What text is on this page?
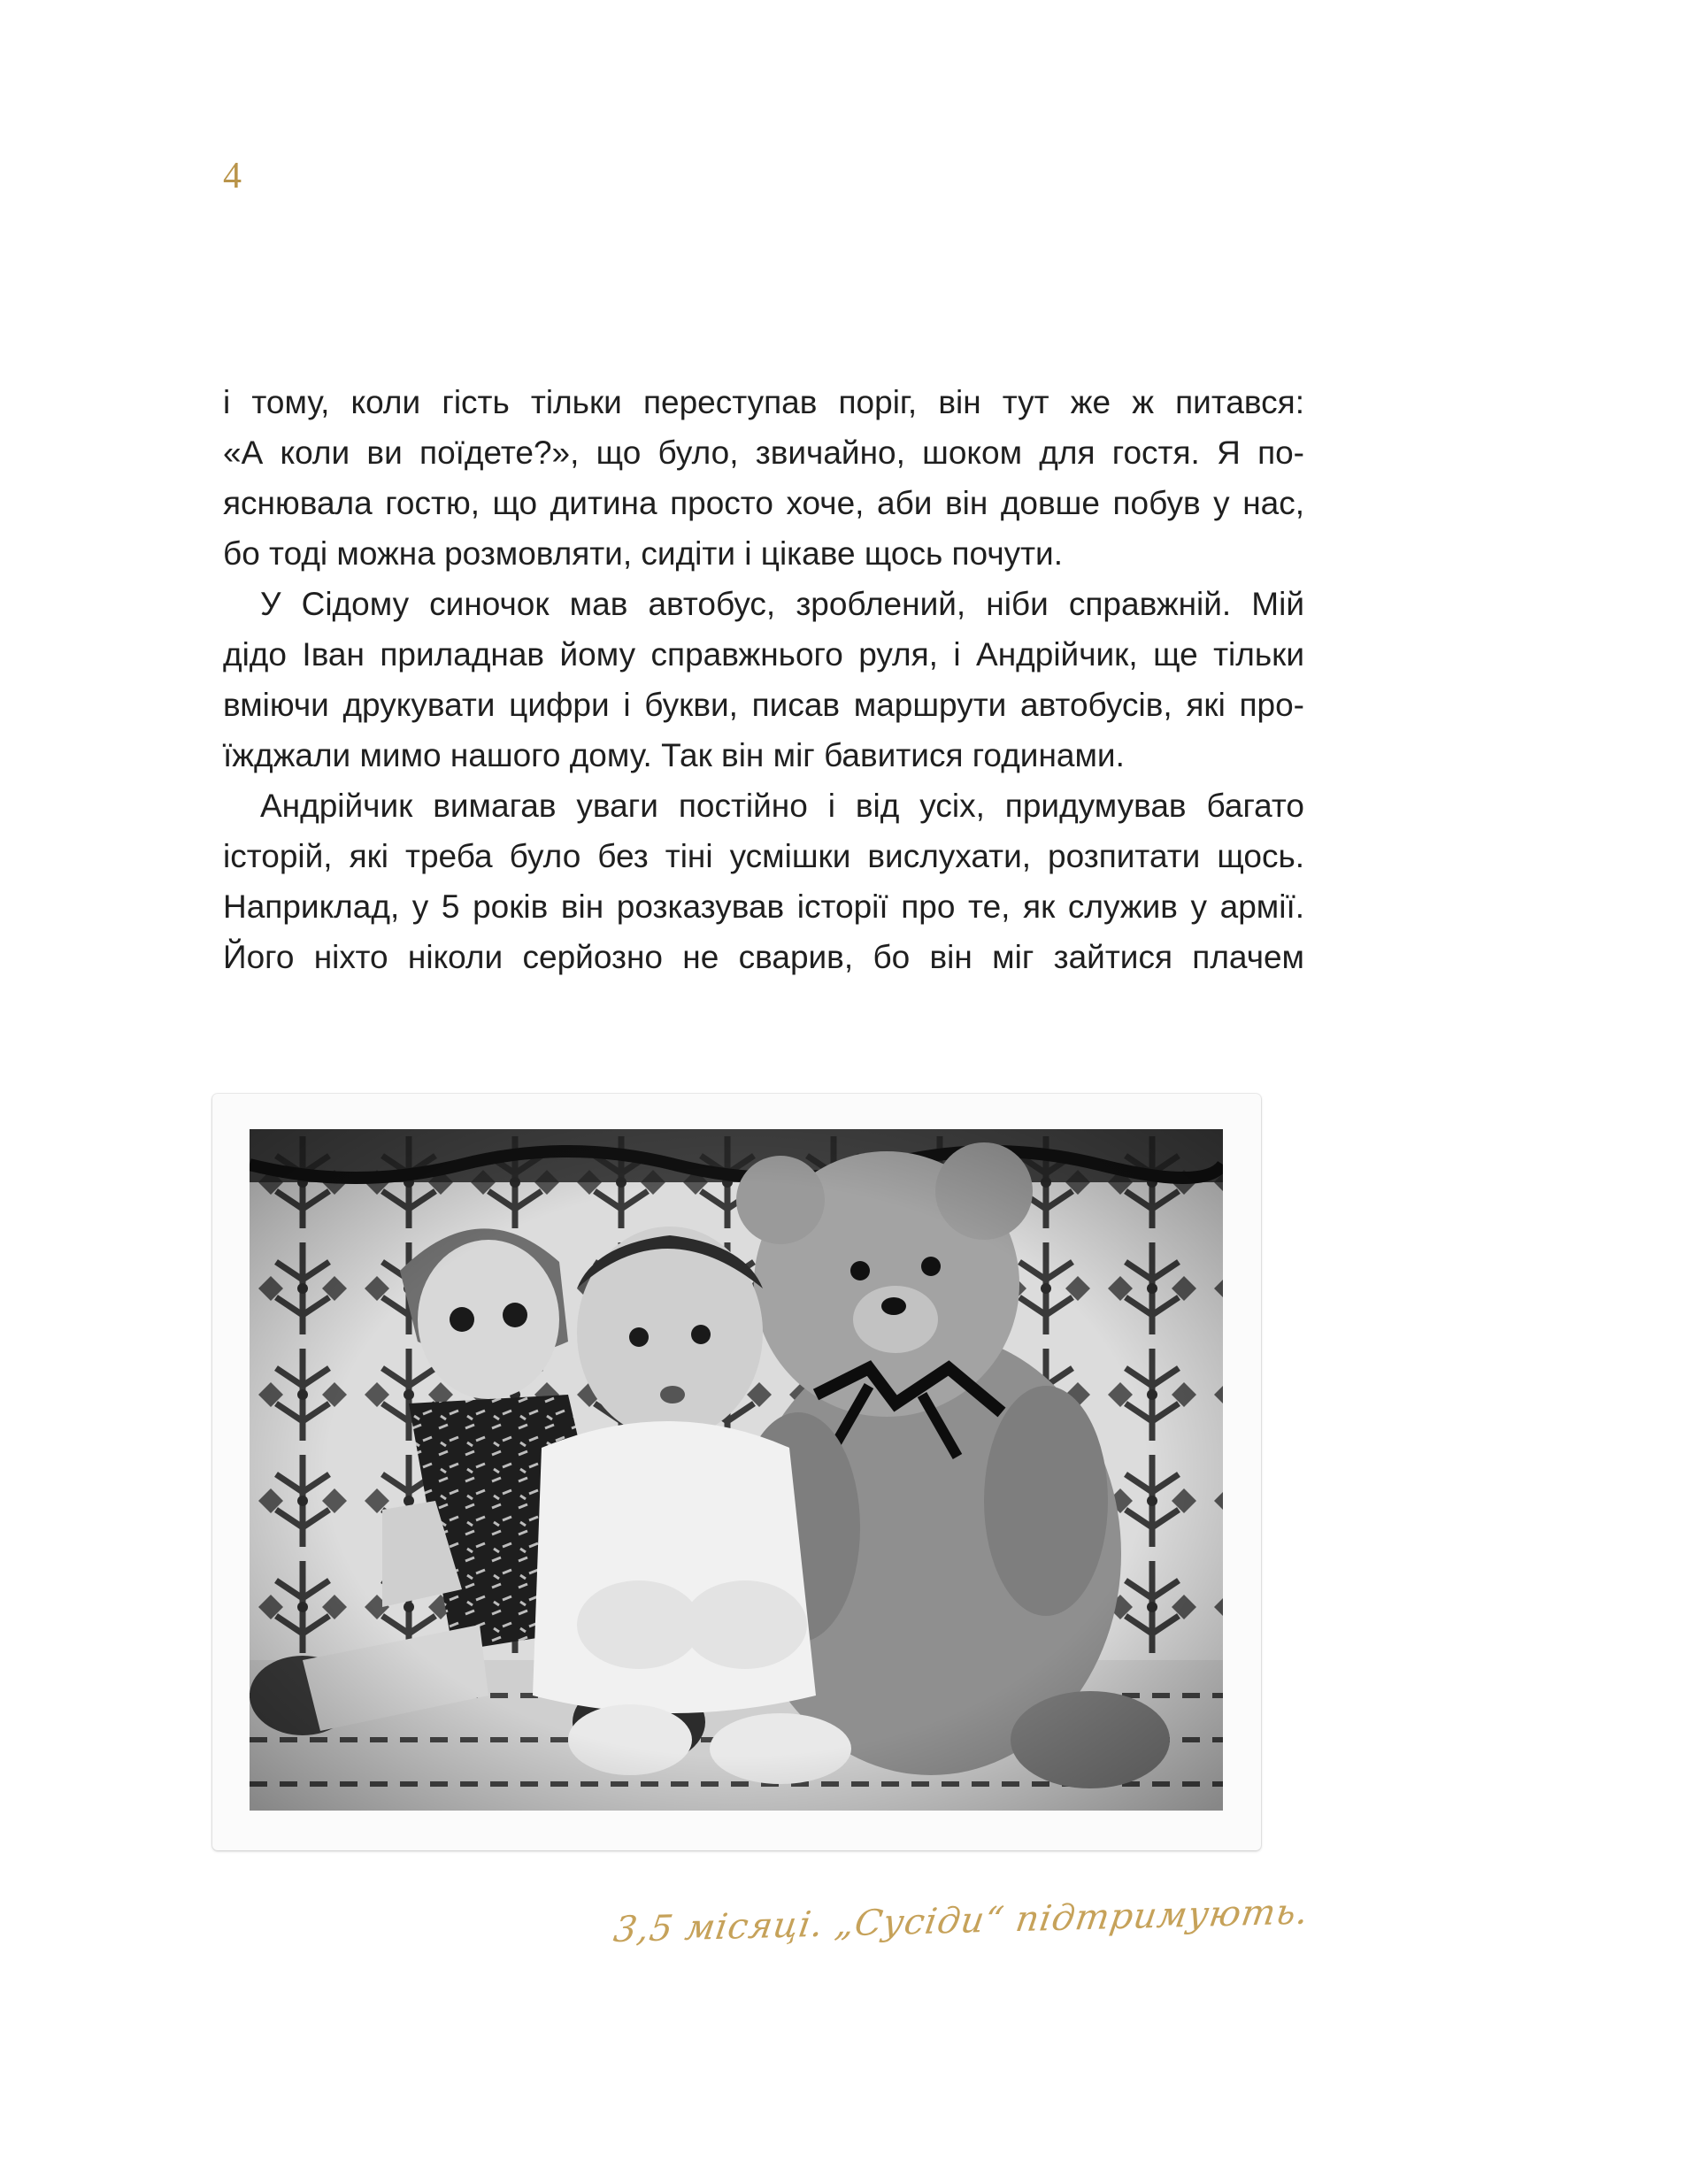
4
і тому, коли гість тільки переступав поріг, він тут же ж питався:
«А коли ви поїдете?», що було, звичайно, шоком для гостя. Я по-
яснювала гостю, що дитина просто хоче, аби він довше побув у нас,
бо тоді можна розмовляти, сидіти і цікаве щось почути.
У Сідому синочок мав автобус, зроблений, ніби справжній. Мій
дідо Іван приладнав йому справжнього руля, і Андрійчик, ще тільки
вміючи друкувати цифри і букви, писав маршрути автобусів, які про-
їжджали мимо нашого дому. Так він міг бавитися годинами.
Андрійчик вимагав уваги постійно і від усіх, придумував багато
історій, які треба було без тіні усмішки вислухати, розпитати щось.
Наприклад, у 5 років він розказував історії про те, як служив у армії.
Його ніхто ніколи серйозно не сварив, бо він міг зайтися плачем
3,5 місяці. „Сусіди“ підтримують.
